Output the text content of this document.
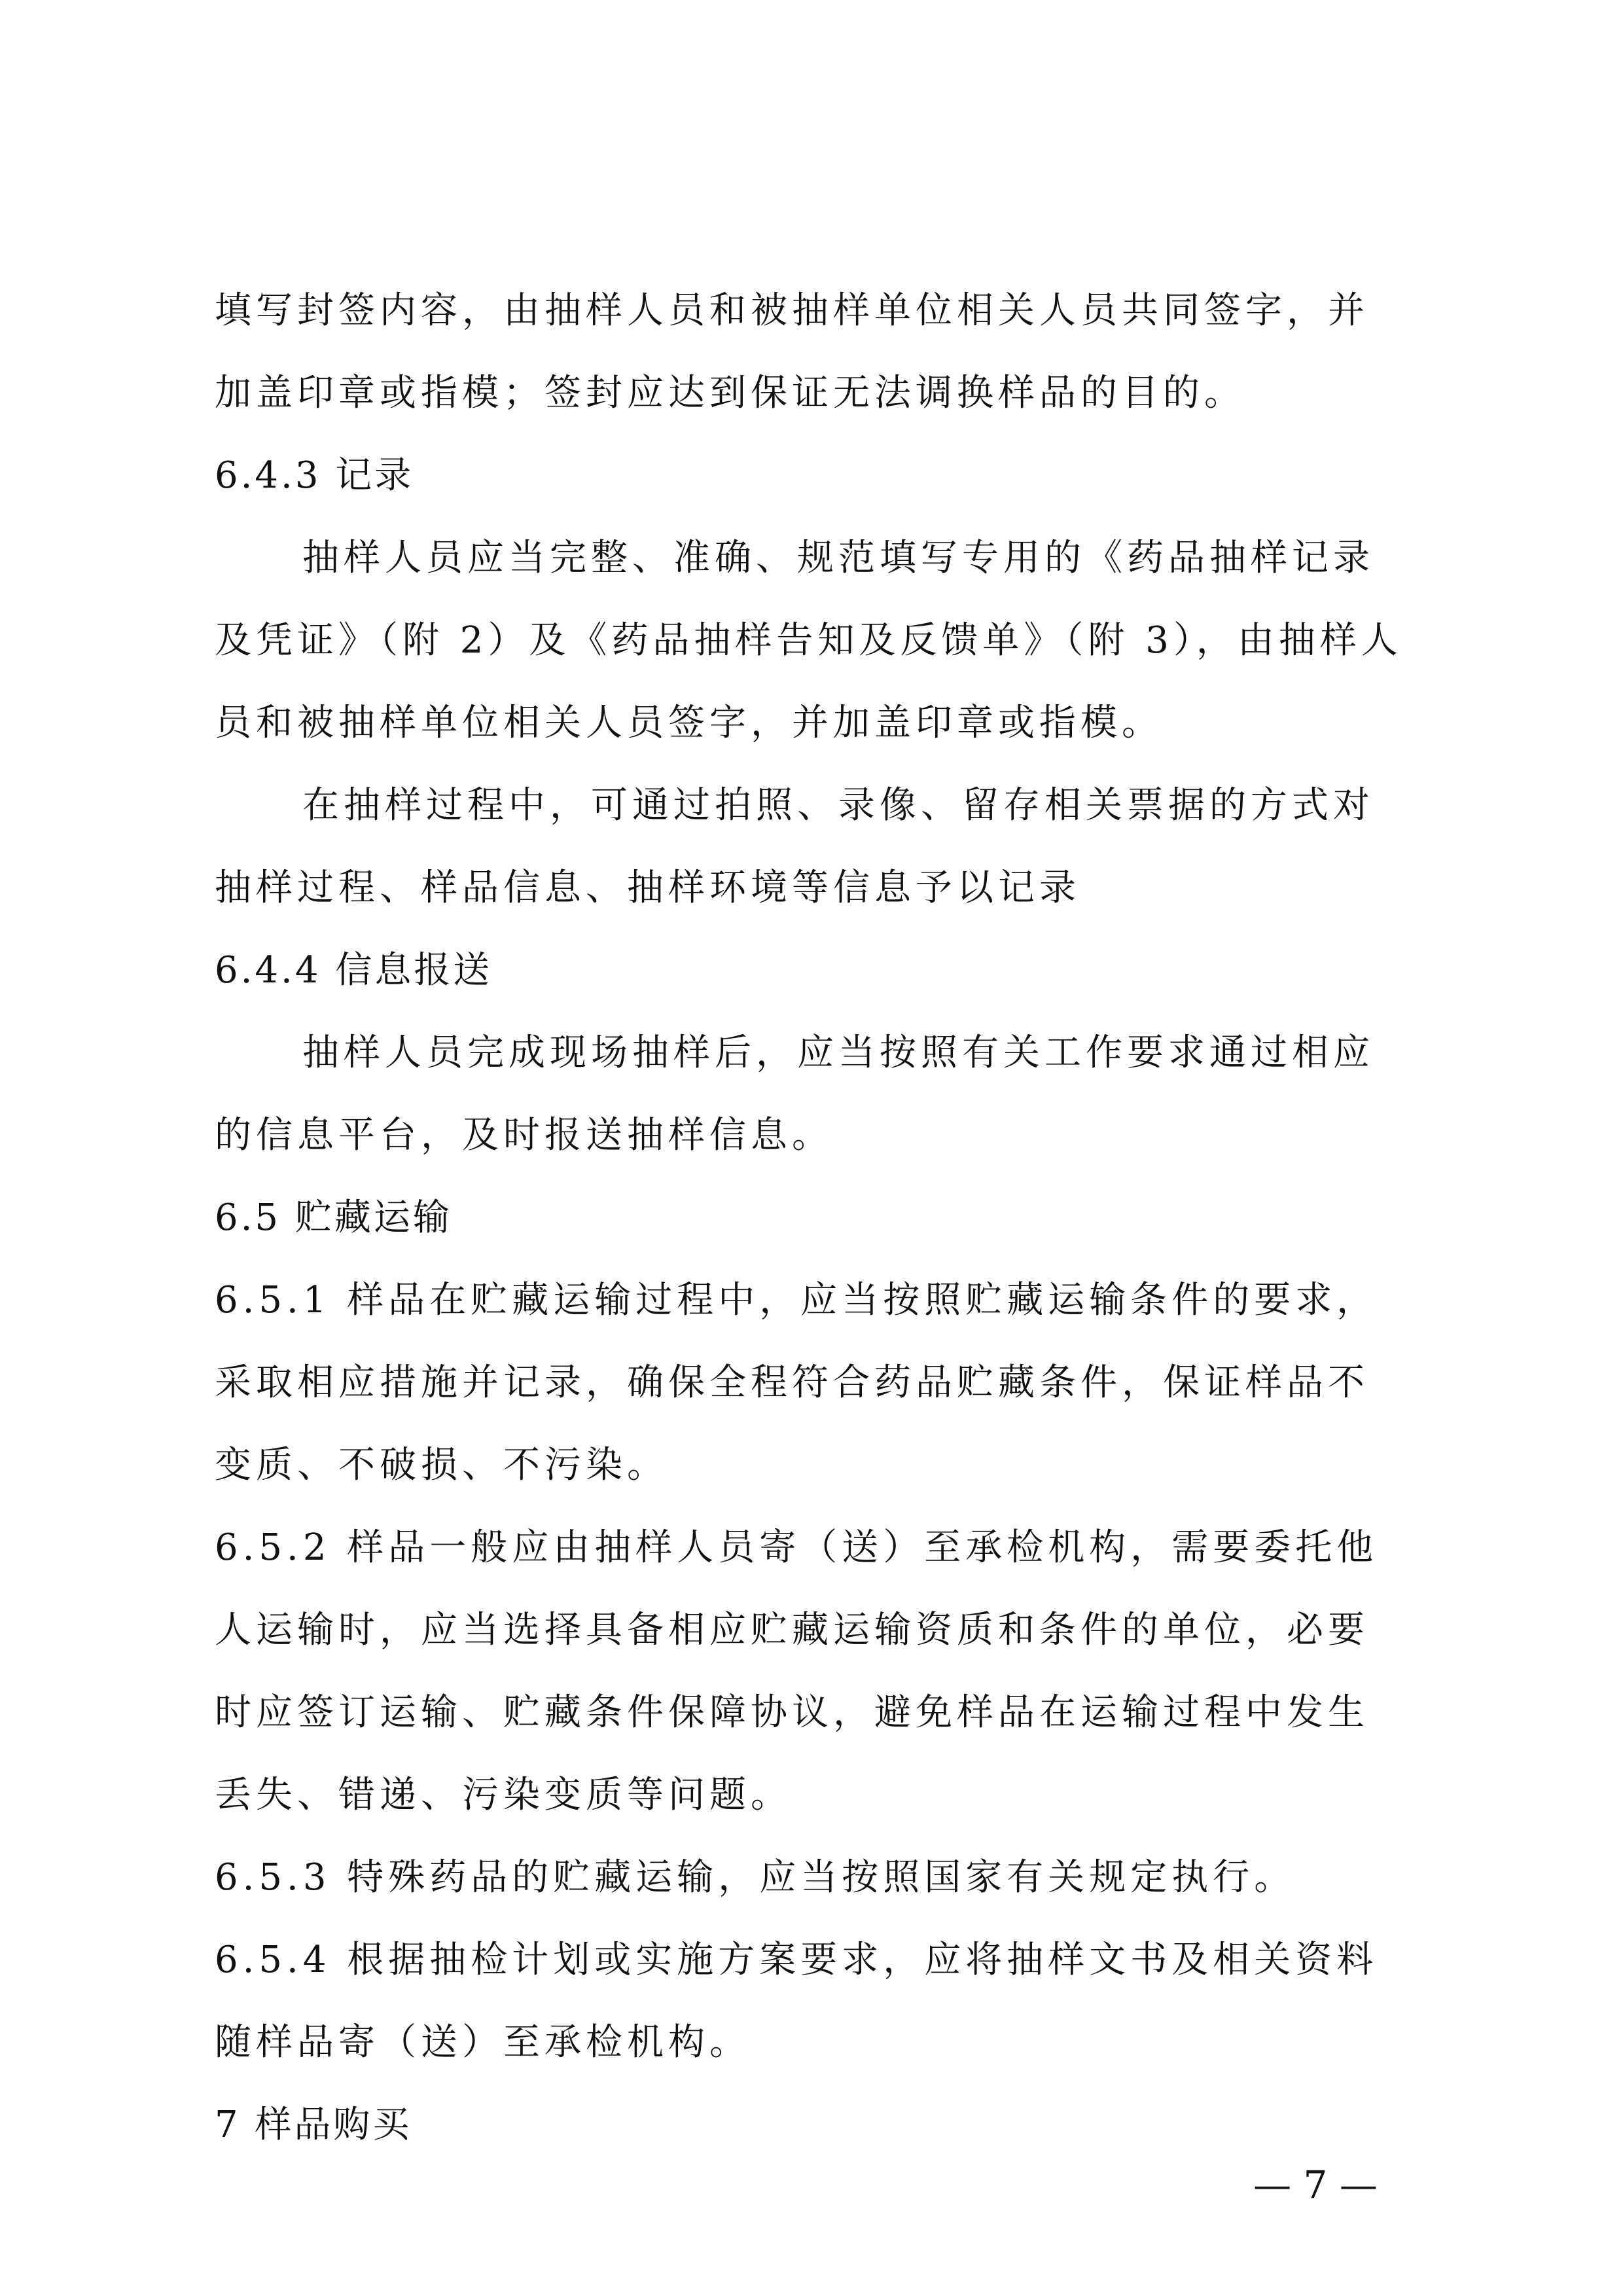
填写封签内容，由抽样人员和被抽样单位相关人员共同签字，并
加盖印章或指模；签封应达到保证无法调换样品的目的。
6.4.3 记录
抽样人员应当完整、准确、规范填写专用的《药品抽样记录
及凭证》（附 2）及《药品抽样告知及反馈单》（附 3），由抽样人
员和被抽样单位相关人员签字，并加盖印章或指模。
在抽样过程中，可通过拍照、录像、留存相关票据的方式对
抽样过程、样品信息、抽样环境等信息予以记录
6.4.4 信息报送
抽样人员完成现场抽样后，应当按照有关工作要求通过相应
的信息平台，及时报送抽样信息。
6.5 贮藏运输
6.5.1 样品在贮藏运输过程中，应当按照贮藏运输条件的要求，
采取相应措施并记录，确保全程符合药品贮藏条件，保证样品不
变质、不破损、不污染。
6.5.2 样品一般应由抽样人员寄（送）至承检机构，需要委托他
人运输时，应当选择具备相应贮藏运输资质和条件的单位，必要
时应签订运输、贮藏条件保障协议，避免样品在运输过程中发生
丢失、错递、污染变质等问题。
6.5.3 特殊药品的贮藏运输，应当按照国家有关规定执行。
6.5.4 根据抽检计划或实施方案要求，应将抽样文书及相关资料
随样品寄（送）至承检机构。
7 样品购买
— 7 —
